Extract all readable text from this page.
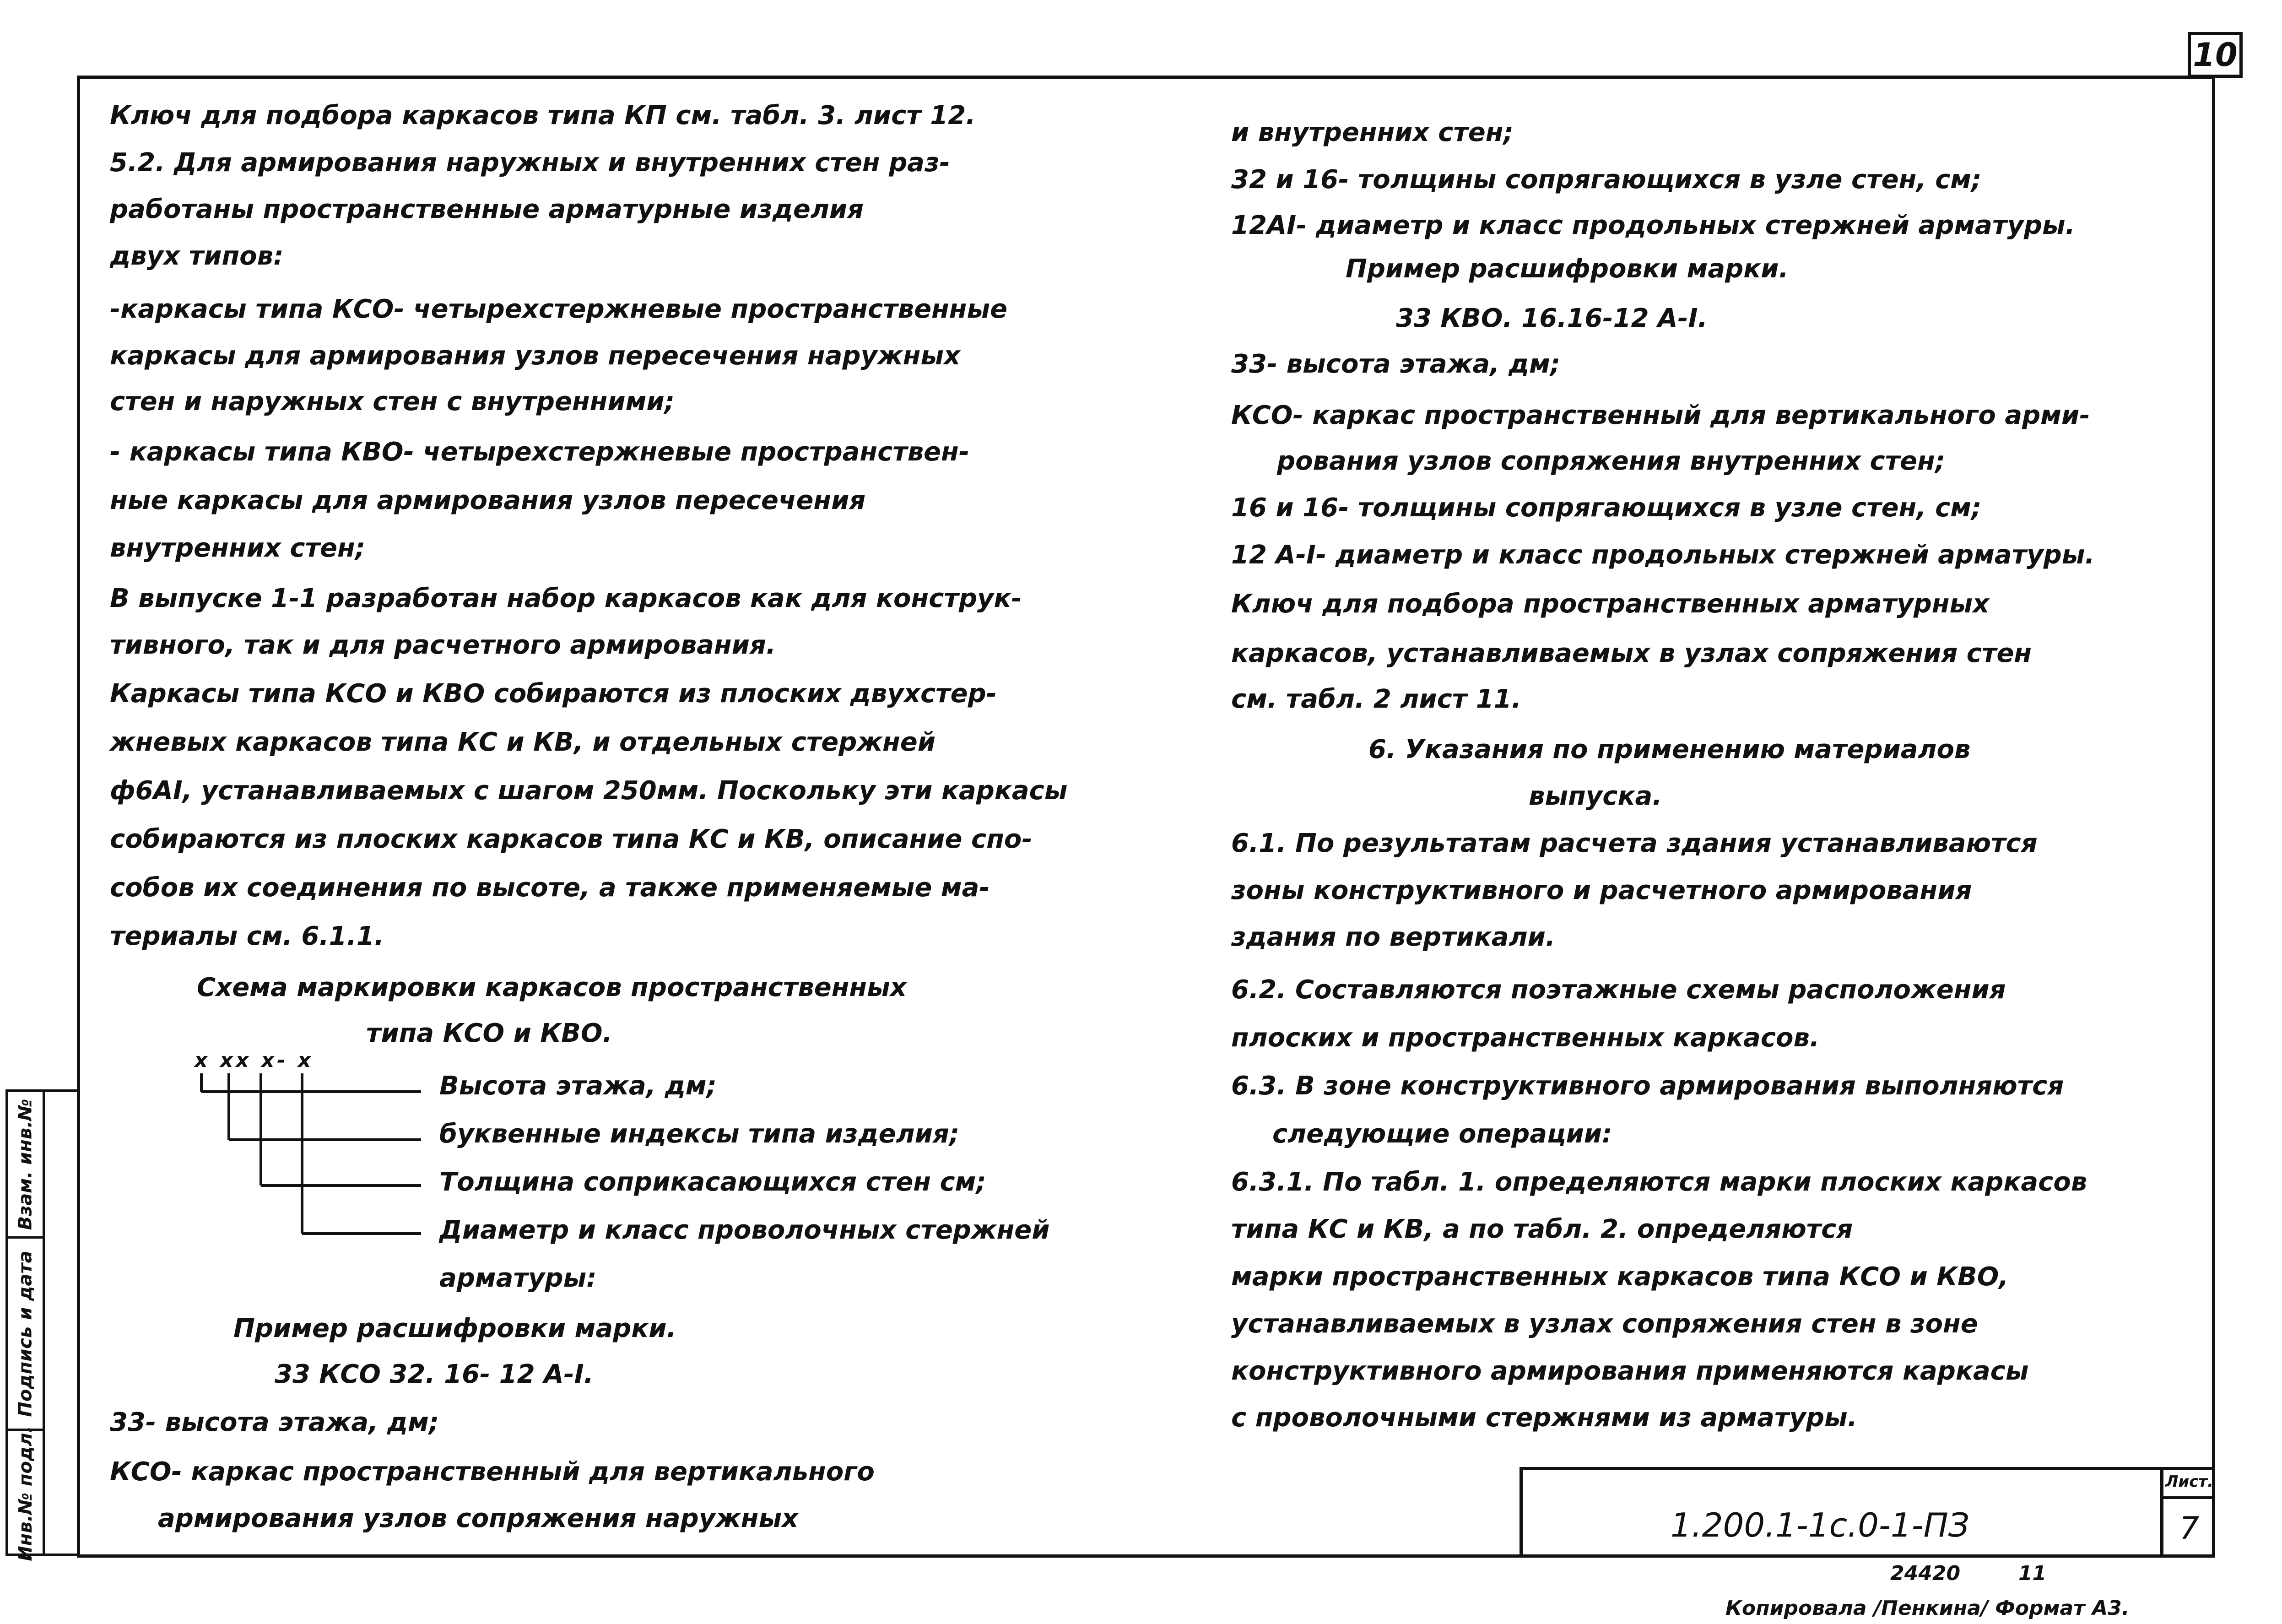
10
Взам. инв.№
Подпись и дата
Инв.№ подл.
Ключ для подбора каркасов типа КП см. табл. 3. лист 12.
5.2. Для армирования наружных и внутренних стен раз-
работаны пространственные арматурные изделия
двух типов:
-каркасы типа КСО- четырехстержневые пространственные
каркасы для армирования узлов пересечения наружных
стен и наружных стен с внутренними;
- каркасы типа КВО- четырехстержневые пространствен-
ные каркасы для армирования узлов пересечения
внутренних стен;
В выпуске 1-1 разработан набор каркасов как для конструк-
тивного, так и для расчетного армирования.
Каркасы типа КСО и КВО собираются из плоских двухстер-
жневых каркасов типа КС и КВ, и отдельных стержней
ф6АI, устанавливаемых с шагом 250мм. Поскольку эти каркасы
собираются из плоских каркасов типа КС и КВ, описание спо-
собов их соединения по высоте, а также применяемые ма-
териалы см. 6.1.1.
Схема маркировки каркасов пространственных
типа КСО и КВО.
х хх х- х
Высота этажа, дм;
буквенные индексы типа изделия;
Толщина соприкасающихся стен см;
Диаметр и класс проволочных стержней
арматуры:
Пример расшифровки марки.
33 КСО 32. 16- 12 А-I.
33- высота этажа, дм;
КСО- каркас пространственный для вертикального
армирования узлов сопряжения наружных
и внутренних стен;
32 и 16- толщины сопрягающихся в узле стен, см;
12АI- диаметр и класс продольных стержней арматуры.
Пример расшифровки марки.
33 КВО. 16.16-12 А-I.
33- высота этажа, дм;
КСО- каркас пространственный для вертикального арми-
рования узлов сопряжения внутренних стен;
16 и 16- толщины сопрягающихся в узле стен, см;
12 А-I- диаметр и класс продольных стержней арматуры.
Ключ для подбора пространственных арматурных
каркасов, устанавливаемых в узлах сопряжения стен
см. табл. 2 лист 11.
6. Указания по применению материалов
выпуска.
6.1. По результатам расчета здания устанавливаются
зоны конструктивного и расчетного армирования
здания по вертикали.
6.2. Составляются поэтажные схемы расположения
плоских и пространственных каркасов.
6.3. В зоне конструктивного армирования выполняются
следующие операции:
6.3.1. По табл. 1. определяются марки плоских каркасов
типа КС и КВ, а по табл. 2. определяются
марки пространственных каркасов типа КСО и КВО,
устанавливаемых в узлах сопряжения стен в зоне
конструктивного армирования применяются каркасы
с проволочными стержнями из арматуры.
1.200.1-1с.0-1-ПЗ
Лист.
7
24420	11
Копировала /Пенкина/ Формат А3.
